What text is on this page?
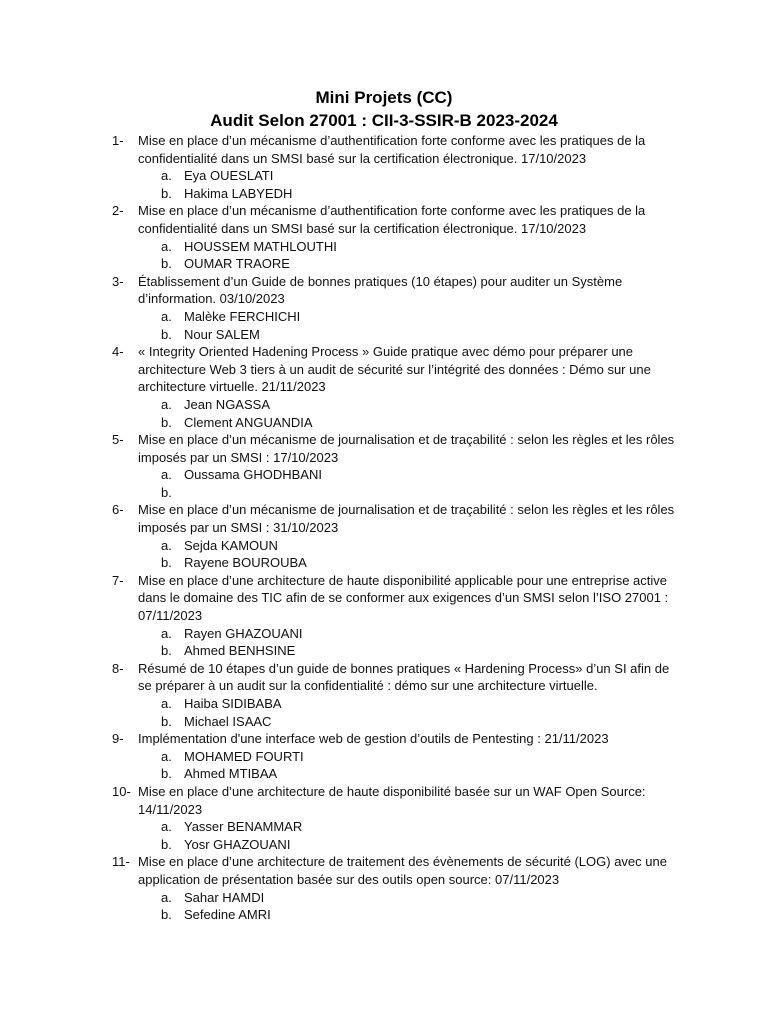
Mini Projets (CC)
Audit Selon 27001 : CII-3-SSIR-B 2023-2024
1- Mise en place d’un mécanisme d’authentification forte conforme avec les pratiques de la confidentialité dans un SMSI basé sur la certification électronique. 17/10/2023
a. Eya OUESLATI
b. Hakima LABYEDH
2- Mise en place d’un mécanisme d’authentification forte conforme avec les pratiques de la confidentialité dans un SMSI basé sur la certification électronique. 17/10/2023
a. HOUSSEM MATHLOUTHI
b. OUMAR TRAORE
3- Établissement d’un Guide de bonnes pratiques (10 étapes) pour auditer un Système d’information. 03/10/2023
a. Malèke FERCHICHI
b. Nour SALEM
4- « Integrity Oriented Hadening Process » Guide pratique avec démo pour préparer une architecture Web 3 tiers à un audit de sécurité sur l’intégrité des données : Démo sur une architecture virtuelle. 21/11/2023
a. Jean NGASSA
b. Clement ANGUANDIA
5- Mise en place d’un mécanisme de journalisation et de traçabilité : selon les règles et les rôles imposés par un SMSI : 17/10/2023
a. Oussama GHODHBANI
b.
6- Mise en place d’un mécanisme de journalisation et de traçabilité : selon les règles et les rôles imposés par un SMSI : 31/10/2023
a. Sejda KAMOUN
b. Rayene BOUROUBA
7- Mise en place d’une architecture de haute disponibilité applicable pour une entreprise active dans le domaine des TIC afin de se conformer aux exigences d’un SMSI selon l’ISO 27001 : 07/11/2023
a. Rayen GHAZOUANI
b. Ahmed BENHSINE
8- Résumé de 10 étapes d’un guide de bonnes pratiques « Hardening Process» d’un SI afin de se préparer à un audit sur la confidentialité : démo sur une architecture virtuelle.
a. Haiba SIDIBABA
b. Michael ISAAC
9- Implémentation d'une interface web de gestion d’outils de Pentesting : 21/11/2023
a. MOHAMED FOURTI
b. Ahmed MTIBAA
10- Mise en place d’une architecture de haute disponibilité basée sur un WAF Open Source: 14/11/2023
a. Yasser BENAMMAR
b. Yosr GHAZOUANI
11- Mise en place d’une architecture de traitement des évènements de sécurité (LOG) avec une application de présentation basée sur des outils open source: 07/11/2023
a. Sahar HAMDI
b. Sefedine AMRI
